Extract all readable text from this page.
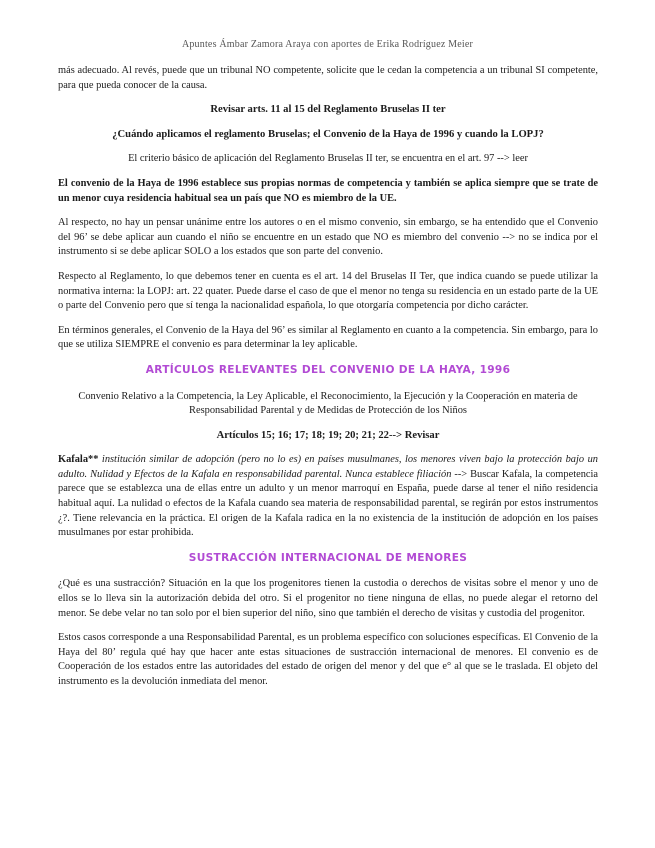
Apuntes Ámbar Zamora Araya con aportes de Erika Rodríguez Meier

más adecuado. Al revés, puede que un tribunal NO competente, solicite que le cedan la competencia a un tribunal SI competente, para que pueda conocer de la causa.

Revisar arts. 11 al 15 del Reglamento Bruselas II ter
¿Cuándo aplicamos el reglamento Bruselas; el Convenio de la Haya de 1996 y cuando la LOPJ?

El criterio básico de aplicación del Reglamento Bruselas II ter, se encuentra en el art. 97 --> leer

El convenio de la Haya de 1996 establece sus propias normas de competencia y también se aplica siempre que se trate de un menor cuya residencia habitual sea un país que NO es miembro de la UE.

Al respecto, no hay un pensar unánime entre los autores o en el mismo convenio, sin embargo, se ha entendido que el Convenio del 96’ se debe aplicar aun cuando el niño se encuentre en un estado que NO es miembro del convenio --> no se indica por el instrumento si se debe aplicar SOLO a los estados que son parte del convenio.

Respecto al Reglamento, lo que debemos tener en cuenta es el art. 14 del Bruselas II Ter, que indica cuando se puede utilizar la normativa interna: la LOPJ: art. 22 quater. Puede darse el caso de que el menor no tenga su residencia en un estado parte de la UE o parte del Convenio pero que sí tenga la nacionalidad española, lo que otorgaría competencia por dicho carácter.

En términos generales, el Convenio de la Haya del 96’ es similar al Reglamento en cuanto a la competencia. Sin embargo, para lo que se utiliza SIEMPRE el convenio es para determinar la ley aplicable.

ARTÍCULOS RELEVANTES DEL CONVENIO DE LA HAYA, 1996

Convenio Relativo a la Competencia, la Ley Aplicable, el Reconocimiento, la Ejecución y la Cooperación en materia de Responsabilidad Parental y de Medidas de Protección de los Niños

Artículos 15; 16; 17; 18; 19; 20; 21; 22--> Revisar

Kafala** institución similar de adopción (pero no lo es) en países musulmanes, los menores viven bajo la protección bajo un adulto. Nulidad y Efectos de la Kafala en responsabilidad parental. Nunca establece filiación --> Buscar Kafala, la competencia parece que se establezca una de ellas entre un adulto y un menor marroquí en España, puede darse al tener el niño residencia habitual aquí. La nulidad o efectos de la Kafala cuando sea materia de responsabilidad parental, se regirán por estos instrumentos ¿?. Tiene relevancia en la práctica. El origen de la Kafala radica en la no existencia de la institución de adopción en los países musulmanes por estar prohibida.

SUSTRACCIÓN INTERNACIONAL DE MENORES

¿Qué es una sustracción? Situación en la que los progenitores tienen la custodia o derechos de visitas sobre el menor y uno de ellos se lo lleva sin la autorización debida del otro. Si el progenitor no tiene ninguna de ellas, no puede alegar el retorno del menor. Se debe velar no tan solo por el bien superior del niño, sino que también el derecho de visitas y custodia del progenitor.

Estos casos corresponde a una Responsabilidad Parental, es un problema específico con soluciones específicas. El Convenio de la Haya del 80’ regula qué hay que hacer ante estas situaciones de sustracción internacional de menores. El convenio es de Cooperación de los estados entre las autoridades del estado de origen del menor y del que e° al que se le traslada. El objeto del instrumento es la devolución inmediata del menor.
